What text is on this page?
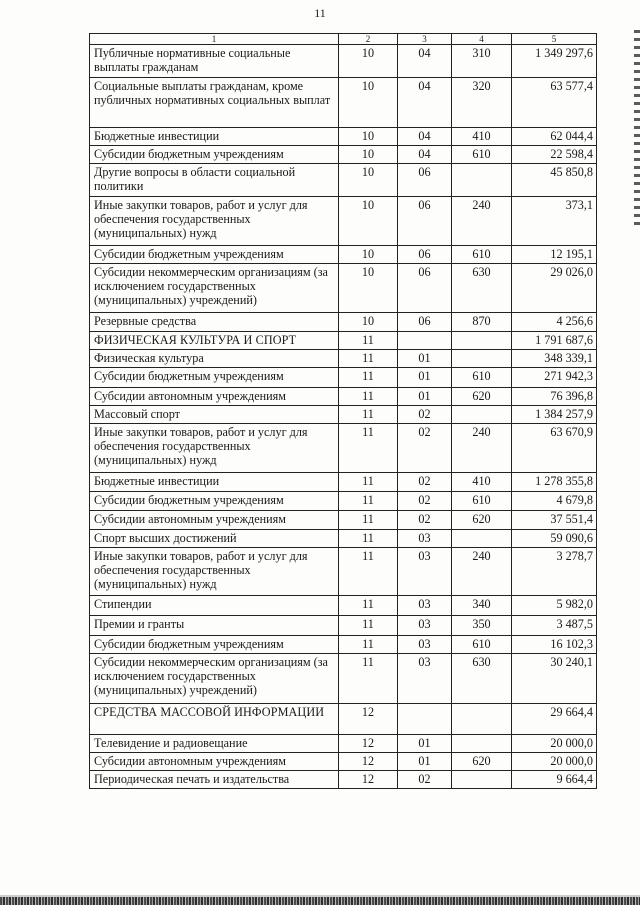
11
1	2	3	4	5
Публичные нормативные социальные выплаты гражданам	10	04	310	1 349 297,6
Социальные выплаты гражданам, кроме публичных нормативных социальных выплат	10	04	320	63 577,4
Бюджетные инвестиции	10	04	410	62 044,4
Субсидии бюджетным учреждениям	10	04	610	22 598,4
Другие вопросы в области социальной политики	10	06		45 850,8
Иные закупки товаров, работ и услуг для обеспечения государственных (муниципальных) нужд	10	06	240	373,1
Субсидии бюджетным учреждениям	10	06	610	12 195,1
Субсидии некоммерческим организациям (за исключением государственных (муниципальных) учреждений)	10	06	630	29 026,0
Резервные средства	10	06	870	4 256,6
ФИЗИЧЕСКАЯ КУЛЬТУРА И СПОРТ	11			1 791 687,6
Физическая культура	11	01		348 339,1
Субсидии бюджетным учреждениям	11	01	610	271 942,3
Субсидии автономным учреждениям	11	01	620	76 396,8
Массовый спорт	11	02		1 384 257,9
Иные закупки товаров, работ и услуг для обеспечения государственных (муниципальных) нужд	11	02	240	63 670,9
Бюджетные инвестиции	11	02	410	1 278 355,8
Субсидии бюджетным учреждениям	11	02	610	4 679,8
Субсидии автономным учреждениям	11	02	620	37 551,4
Спорт высших достижений	11	03		59 090,6
Иные закупки товаров, работ и услуг для обеспечения государственных (муниципальных) нужд	11	03	240	3 278,7
Стипендии	11	03	340	5 982,0
Премии и гранты	11	03	350	3 487,5
Субсидии бюджетным учреждениям	11	03	610	16 102,3
Субсидии некоммерческим организациям (за исключением государственных (муниципальных) учреждений)	11	03	630	30 240,1
СРЕДСТВА МАССОВОЙ ИНФОРМАЦИИ	12			29 664,4
Телевидение и радиовещание	12	01		20 000,0
Субсидии автономным учреждениям	12	01	620	20 000,0
Периодическая печать и издательства	12	02		9 664,4
